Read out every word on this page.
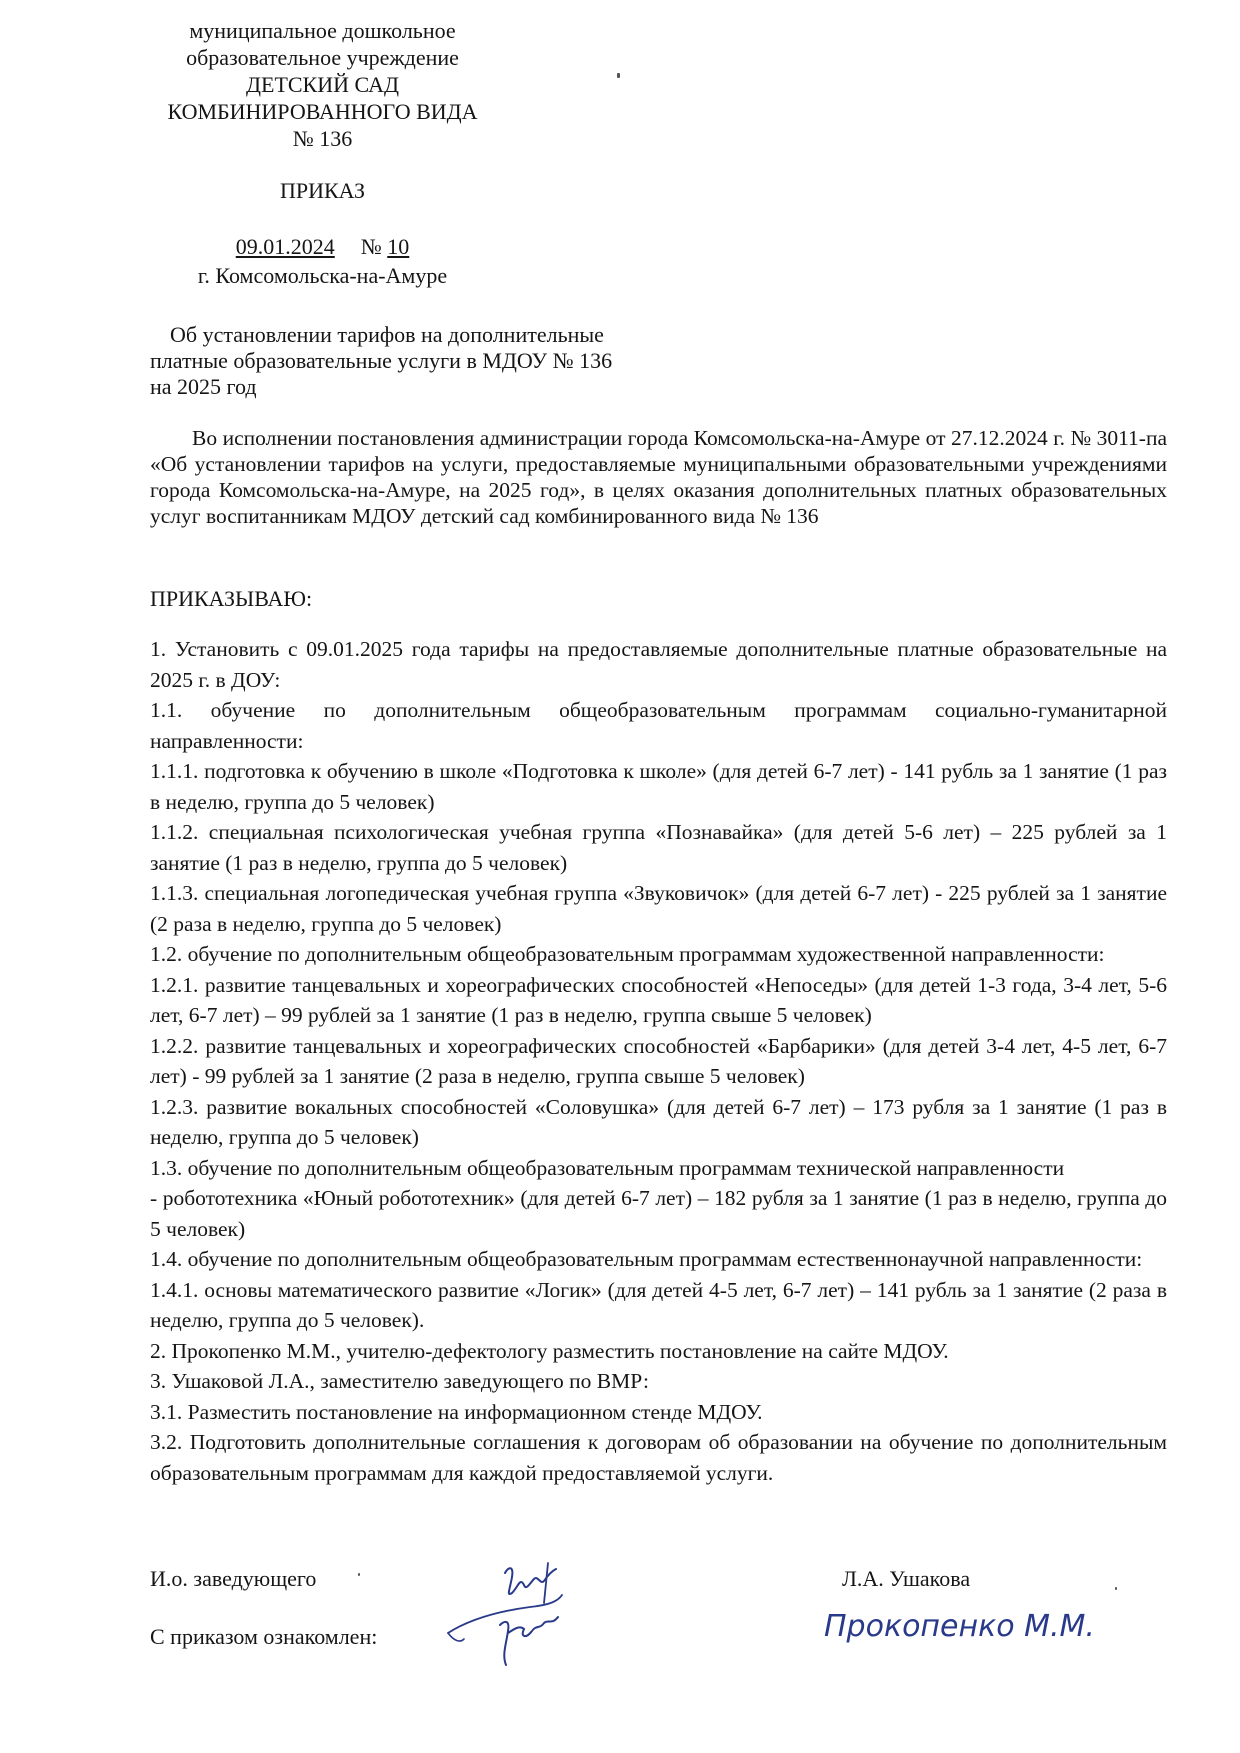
муниципальное дошкольное
образовательное учреждение
ДЕТСКИЙ САД
КОМБИНИРОВАННОГО ВИДА
№ 136
ПРИКАЗ
09.01.2024 № 10
г. Комсомольска-на-Амуре
Об установлении тарифов на дополнительные
платные образовательные услуги в МДОУ № 136
на 2025 год
Во исполнении постановления администрации города Комсомольска-на-Амуре от 27.12.2024 г. № 3011-па «Об установлении тарифов на услуги, предоставляемые муниципальными образовательными учреждениями города Комсомольска-на-Амуре, на 2025 год», в целях оказания дополнительных платных образовательных услуг воспитанникам МДОУ детский сад комбинированного вида № 136
ПРИКАЗЫВАЮ:

1. Установить с 09.01.2025 года тарифы на предоставляемые дополнительные платные образовательные на 2025 г. в ДОУ:

1.1. обучение по дополнительным общеобразовательным программам социально-гуманитарной направленности:

1.1.1. подготовка к обучению в школе «Подготовка к школе» (для детей 6-7 лет) - 141 рубль за 1 занятие (1 раз в неделю, группа до 5 человек)

1.1.2. специальная психологическая учебная группа «Познавайка» (для детей 5-6 лет) – 225 рублей за 1 занятие (1 раз в неделю, группа до 5 человек)

1.1.3. специальная логопедическая учебная группа «Звуковичок» (для детей 6-7 лет) - 225 рублей за 1 занятие (2 раза в неделю, группа до 5 человек)

1.2. обучение по дополнительным общеобразовательным программам художественной направленности:

1.2.1. развитие танцевальных и хореографических способностей «Непоседы» (для детей 1-3 года, 3-4 лет, 5-6 лет, 6-7 лет) – 99 рублей за 1 занятие (1 раз в неделю, группа свыше 5 человек)

1.2.2. развитие танцевальных и хореографических способностей «Барбарики» (для детей 3-4 лет, 4-5 лет, 6-7 лет) - 99 рублей за 1 занятие (2 раза в неделю, группа свыше 5 человек)

1.2.3. развитие вокальных способностей «Соловушка» (для детей 6-7 лет) – 173 рубля за 1 занятие (1 раз в неделю, группа до 5 человек)

1.3. обучение по дополнительным общеобразовательным программам технической направленности

- робототехника «Юный робототехник» (для детей 6-7 лет) – 182 рубля за 1 занятие (1 раз в неделю, группа до 5 человек)

1.4. обучение по дополнительным общеобразовательным программам естественнонаучной направленности:

1.4.1. основы математического развитие «Логик» (для детей 4-5 лет, 6-7 лет) – 141 рубль за 1 занятие (2 раза в неделю, группа до 5 человек).

2. Прокопенко М.М., учителю-дефектологу разместить постановление на сайте МДОУ.

3. Ушаковой Л.А., заместителю заведующего по ВМР:

3.1. Разместить постановление на информационном стенде МДОУ.

3.2. Подготовить дополнительные соглашения к договорам об образовании на обучение по дополнительным образовательным программам для каждой предоставляемой услуги.

И.о. заведующего	Л.А. Ушакова
С приказом ознакомлен:	Прокопенко М.М.
